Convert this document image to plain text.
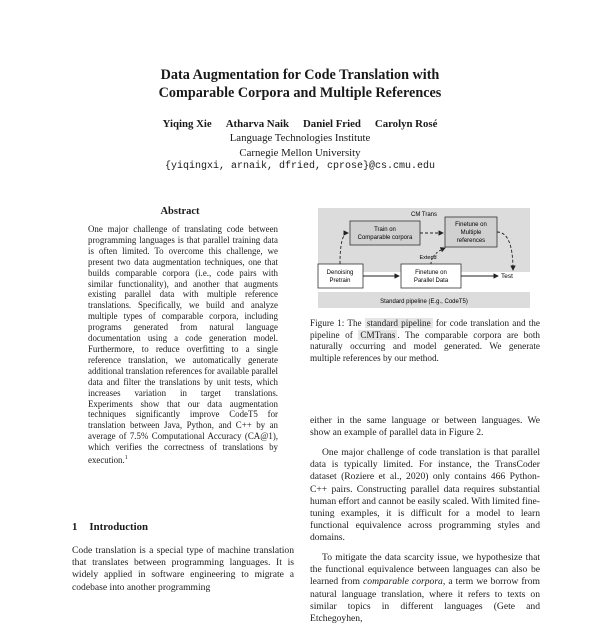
Data Augmentation for Code Translation with
Comparable Corpora and Multiple References
Yiqing Xie Atharva Naik Daniel Fried Carolyn Rosé
Language Technologies Institute
Carnegie Mellon University
{yiqingxi, arnaik, dfried, cprose}@cs.cmu.edu
Abstract
One major challenge of translating code between programming languages is that parallel training data is often limited. To overcome this challenge, we present two data augmentation techniques, one that builds comparable corpora (i.e., code pairs with similar functionality), and another that augments existing parallel data with multiple reference translations. Specifically, we build and analyze multiple types of comparable corpora, including programs generated from natural language documentation using a code generation model. Furthermore, to reduce overfitting to a single reference translation, we automatically generate additional translation references for available parallel data and filter the translations by unit tests, which increases variation in target translations. Experiments show that our data augmentation techniques significantly improve CodeT5 for translation between Java, Python, and C++ by an average of 7.5% Computational Accuracy (CA@1), which verifies the correctness of translations by execution.$^1$
1 Introduction
Code translation is a special type of machine translation that translates between programming languages. It is widely applied in software engineering to migrate a codebase into another programming
CM Trans
Standard pipeline (E.g., CodeT5)
Train on
Comparable corpora
Finetune on
Multiple
references
Extend
Denoising
Pretrain
Finetune on
Parallel Data
Test
Figure 1: The standard pipeline for code translation and the pipeline of CMTrans . The comparable corpora are both naturally occurring and model generated. We generate multiple references by our method.
either in the same language or between languages. We show an example of parallel data in Figure 2.
One major challenge of code translation is that parallel data is typically limited. For instance, the TransCoder dataset (Roziere et al., 2020) only contains 466 Python-C++ pairs. Constructing parallel data requires substantial human effort and cannot be easily scaled. With limited fine-tuning examples, it is difficult for a model to learn functional equivalence across programming styles and domains.
To mitigate the data scarcity issue, we hypothesize that the functional equivalence between languages can also be learned from comparable corpora, a term we borrow from natural language translation, where it refers to texts on similar topics in different languages (Gete and Etchegoyhen,
